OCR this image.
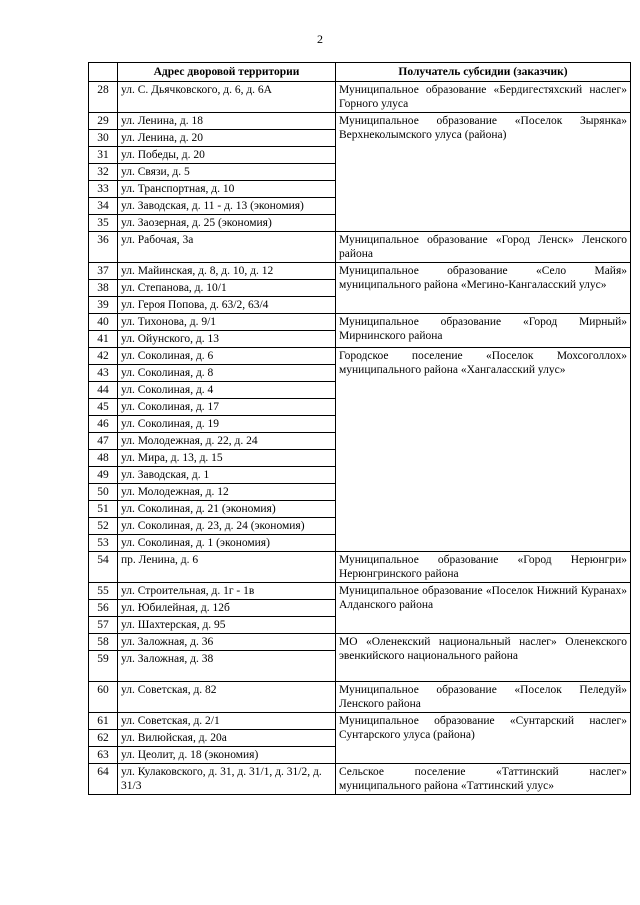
2
	Адрес дворовой территории	Получатель субсидии (заказчик)
28	ул. С. Дьячковского, д. 6, д. 6А	Муниципальное образование «Бердигестяхский наслег» Горного улуса
29	ул. Ленина, д. 18	Муниципальное образование «Поселок Зырянка» Верхнеколымского улуса (района)
30	ул. Ленина, д. 20	
31	ул. Победы, д. 20	
32	ул. Связи, д. 5	
33	ул. Транспортная, д. 10	
34	ул. Заводская, д. 11 - д. 13 (экономия)	
35	ул. Заозерная, д. 25 (экономия)	
36	ул. Рабочая, 3а	Муниципальное образование «Город Ленск» Ленского района
37	ул. Майинская, д. 8, д. 10, д. 12	Муниципальное образование «Село Майя» муниципального района «Мегино-Кангаласский улус»
38	ул. Степанова, д. 10/1	
39	ул. Героя Попова, д. 63/2, 63/4	
40	ул. Тихонова, д. 9/1	Муниципальное образование «Город Мирный» Мирнинского района
41	ул. Ойунского, д. 13	
42	ул. Соколиная, д. 6	Городское поселение «Поселок Мохсоголлох» муниципального района «Хангаласский улус»
43	ул. Соколиная, д. 8	
44	ул. Соколиная, д. 4	
45	ул. Соколиная, д. 17	
46	ул. Соколиная, д. 19	
47	ул. Молодежная, д. 22, д. 24	
48	ул. Мира, д. 13, д. 15	
49	ул. Заводская, д. 1	
50	ул. Молодежная, д. 12	
51	ул. Соколиная, д. 21 (экономия)	
52	ул. Соколиная, д. 23, д. 24 (экономия)	
53	ул. Соколиная, д. 1 (экономия)	
54	пр. Ленина, д. 6	Муниципальное образование «Город Нерюнгри» Нерюнгринского района
55	ул. Строительная, д. 1г - 1в	Муниципальное образование «Поселок Нижний Куранах» Алданского района
56	ул. Юбилейная, д. 12б	
57	ул. Шахтерская, д. 95	
58	ул. Заложная, д. 36	МО «Оленекский национальный наслег» Оленекского эвенкийского национального района
59	ул. Заложная, д. 38	
60	ул. Советская, д. 82	Муниципальное образование «Поселок Пеледуй» Ленского района
61	ул. Советская, д. 2/1	Муниципальное образование «Сунтарский наслег» Сунтарского улуса (района)
62	ул. Вилюйская, д. 20а	
63	ул. Цеолит, д. 18 (экономия)	
64	ул. Кулаковского, д. 31, д. 31/1, д. 31/2, д. 31/3	Сельское поселение «Таттинский наслег» муниципального района «Таттинский улус»
